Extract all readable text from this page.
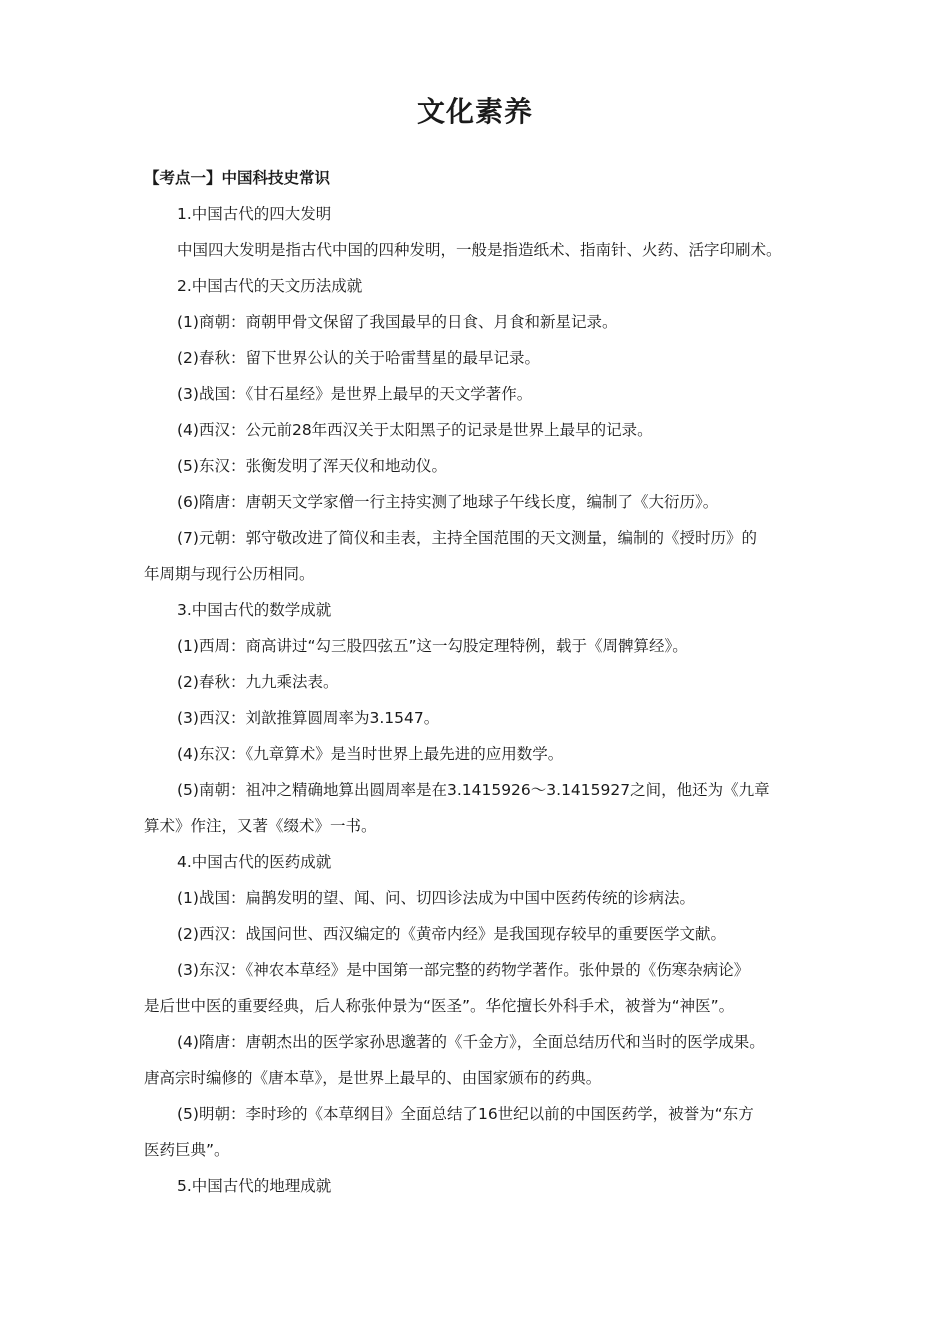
文化素养
【考点一】中国科技史常识
1.中国古代的四大发明
中国四大发明是指古代中国的四种发明，一般是指造纸术、指南针、火药、活字印刷术。
2.中国古代的天文历法成就
(1)商朝：商朝甲骨文保留了我国最早的日食、月食和新星记录。
(2)春秋：留下世界公认的关于哈雷彗星的最早记录。
(3)战国：《甘石星经》是世界上最早的天文学著作。
(4)西汉：公元前28年西汉关于太阳黑子的记录是世界上最早的记录。
(5)东汉：张衡发明了浑天仪和地动仪。
(6)隋唐：唐朝天文学家僧一行主持实测了地球子午线长度，编制了《大衍历》。
(7)元朝：郭守敬改进了简仪和圭表，主持全国范围的天文测量，编制的《授时历》的
年周期与现行公历相同。
3.中国古代的数学成就
(1)西周：商高讲过“勾三股四弦五”这一勾股定理特例，载于《周髀算经》。
(2)春秋：九九乘法表。
(3)西汉：刘歆推算圆周率为3.1547。
(4)东汉：《九章算术》是当时世界上最先进的应用数学。
(5)南朝：祖冲之精确地算出圆周率是在3.1415926～3.1415927之间，他还为《九章
算术》作注，又著《缀术》一书。
4.中国古代的医药成就
(1)战国：扁鹊发明的望、闻、问、切四诊法成为中国中医药传统的诊病法。
(2)西汉：战国问世、西汉编定的《黄帝内经》是我国现存较早的重要医学文献。
(3)东汉：《神农本草经》是中国第一部完整的药物学著作。张仲景的《伤寒杂病论》
是后世中医的重要经典，后人称张仲景为“医圣”。华佗擅长外科手术，被誉为“神医”。
(4)隋唐：唐朝杰出的医学家孙思邈著的《千金方》，全面总结历代和当时的医学成果。
唐高宗时编修的《唐本草》，是世界上最早的、由国家颁布的药典。
(5)明朝：李时珍的《本草纲目》全面总结了16世纪以前的中国医药学，被誉为“东方
医药巨典”。
5.中国古代的地理成就
